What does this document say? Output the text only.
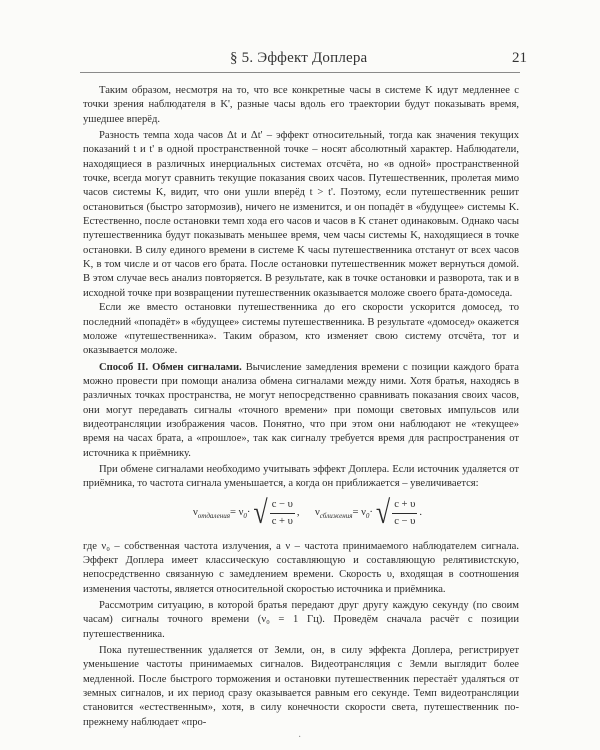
§ 5. Эффект Доплера	21

Таким образом, несмотря на то, что все конкретные часы в системе K идут медленнее с точки зрения наблюдателя в K', разные часы вдоль его траектории будут показывать время, ушедшее вперёд.

Разность темпа хода часов Δt и Δt' – эффект относительный, тогда как значения текущих показаний t и t' в одной пространственной точке – носят абсолютный характер. Наблюдатели, находящиеся в различных инерциальных системах отсчёта, но «в одной» пространственной точке, всегда могут сравнить текущие показания своих часов. Путешественник, пролетая мимо часов системы K, видит, что они ушли вперёд t > t'. Поэтому, если путешественник решит остановиться (быстро затормозив), ничего не изменится, и он попадёт в «будущее» системы K. Естественно, после остановки темп хода его часов и часов в K станет одинаковым. Однако часы путешественника будут показывать меньшее время, чем часы системы K, находящиеся в точке остановки. В силу единого времени в системе K часы путешественника отстанут от всех часов K, в том числе и от часов его брата. После остановки путешественник может вернуться домой. В этом случае весь анализ повторяется. В результате, как в точке остановки и разворота, так и в исходной точке при возвращении путешественник оказывается моложе своего брата-домоседа.

Если же вместо остановки путешественника до его скорости ускорится домосед, то последний «попадёт» в «будущее» системы путешественника. В результате «домосед» окажется моложе «путешественника». Таким образом, кто изменяет свою систему отсчёта, тот и оказывается моложе.

Способ II. Обмен сигналами. Вычисление замедления времени с позиции каждого брата можно провести при помощи анализа обмена сигналами между ними. Хотя братья, находясь в различных точках пространства, не могут непосредственно сравнивать показания своих часов, они могут передавать сигналы «точного времени» при помощи световых импульсов или видеотрансляции изображения часов. Понятно, что при этом они наблюдают не «текущее» время на часах брата, а «прошлое», так как сигналу требуется время для распространения от источника к приёмнику.

При обмене сигналами необходимо учитывать эффект Доплера. Если источник удаляется от приёмника, то частота сигнала уменьшается, а когда он приближается – увеличивается:

ν отдаления = ν 0 · √ c − υ
c + υ
, ν сближения = ν 0 · √ c + υ
c − υ
.

где ν₀ – собственная частота излучения, а ν – частота принимаемого наблюдателем сигнала. Эффект Доплера имеет классическую составляющую и составляющую релятивистскую, непосредственно связанную с замедлением времени. Скорость υ, входящая в соотношения изменения частоты, является относительной скоростью источника и приёмника.

Рассмотрим ситуацию, в которой братья передают друг другу каждую секунду (по своим часам) сигналы точного времени (ν₀ = 1 Гц). Проведём сначала расчёт с позиции путешественника.

Пока путешественник удаляется от Земли, он, в силу эффекта Доплера, регистрирует уменьшение частоты принимаемых сигналов. Видеотрансляция с Земли выглядит более медленной. После быстрого торможения и остановки путешественник перестаёт удаляться от земных сигналов, и их период сразу оказывается равным его секунде. Темп видеотрансляции становится «естественным», хотя, в силу конечности скорости света, путешественник по-прежнему наблюдает «про-

·
